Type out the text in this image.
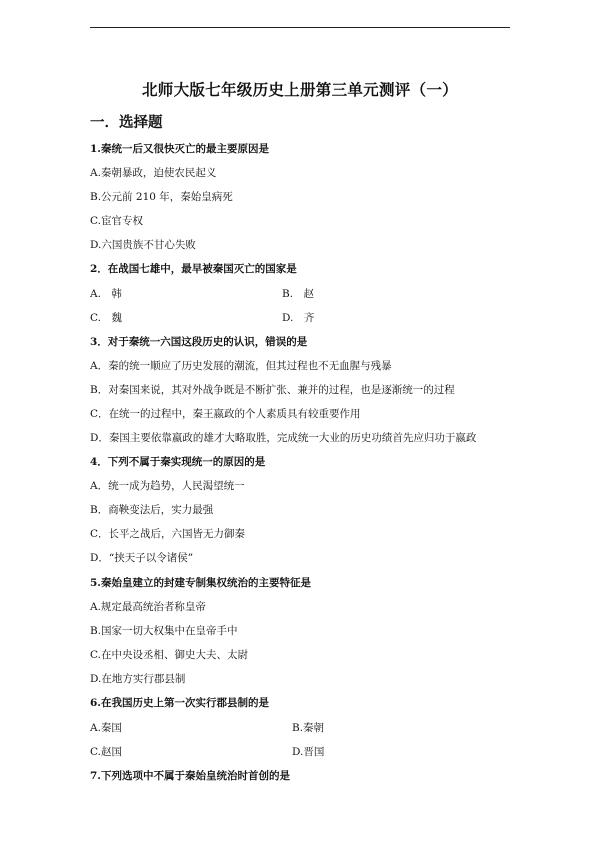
北师大版七年级历史上册第三单元测评（一）
一．选择题
1.秦统一后又很快灭亡的最主要原因是
A.秦朝暴政，迫使农民起义
B.公元前 210 年，秦始皇病死
C.宦官专权
D.六国贵族不甘心失败
2．在战国七雄中，最早被秦国灭亡的国家是
A.　韩	B.　赵
C.　魏	D.　齐
3．对于秦统一六国这段历史的认识，错误的是
A．秦的统一顺应了历史发展的潮流，但其过程也不无血腥与残暴
B．对秦国来说，其对外战争既是不断扩张、兼并的过程，也是逐渐统一的过程
C．在统一的过程中，秦王嬴政的个人素质具有较重要作用
D．秦国主要依靠嬴政的雄才大略取胜，完成统一大业的历史功绩首先应归功于嬴政
4．下列不属于秦实现统一的原因的是
A．统一成为趋势，人民渴望统一
B．商鞅变法后，实力最强
C．长平之战后，六国皆无力御秦
D．“挟天子以令诸侯”
5.秦始皇建立的封建专制集权统治的主要特征是
A.规定最高统治者称皇帝
B.国家一切大权集中在皇帝手中
C.在中央设丞相、御史大夫、太尉
D.在地方实行郡县制
6.在我国历史上第一次实行郡县制的是
A.秦国	B.秦朝
C.赵国	D.晋国
7.下列选项中不属于秦始皇统治时首创的是
